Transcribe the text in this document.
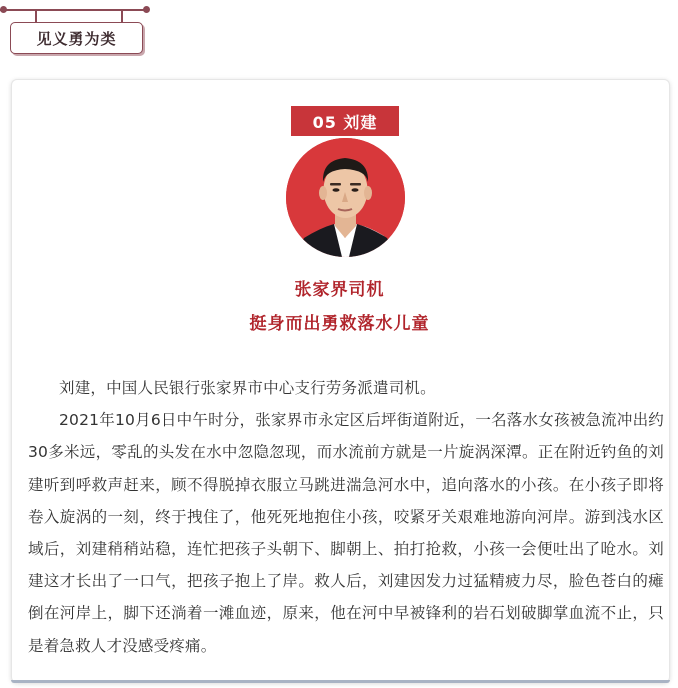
见义勇为类
05 刘建
张家界司机
挺身而出勇救落水儿童

刘建，中国人民银行张家界市中心支行劳务派遣司机。

2021年10月6日中午时分，张家界市永定区后坪街道附近，一名落水女孩被急流冲出约30多米远，零乱的头发在水中忽隐忽现，而水流前方就是一片旋涡深潭。正在附近钓鱼的刘建听到呼救声赶来，顾不得脱掉衣服立马跳进湍急河水中，追向落水的小孩。在小孩子即将卷入旋涡的一刻，终于拽住了，他死死地抱住小孩，咬紧牙关艰难地游向河岸。游到浅水区域后，刘建稍稍站稳，连忙把孩子头朝下、脚朝上、拍打抢救，小孩一会便吐出了呛水。刘建这才长出了一口气，把孩子抱上了岸。救人后，刘建因发力过猛精疲力尽，脸色苍白的瘫倒在河岸上，脚下还淌着一滩血迹，原来，他在河中早被锋利的岩石划破脚掌血流不止，只是着急救人才没感受疼痛。
